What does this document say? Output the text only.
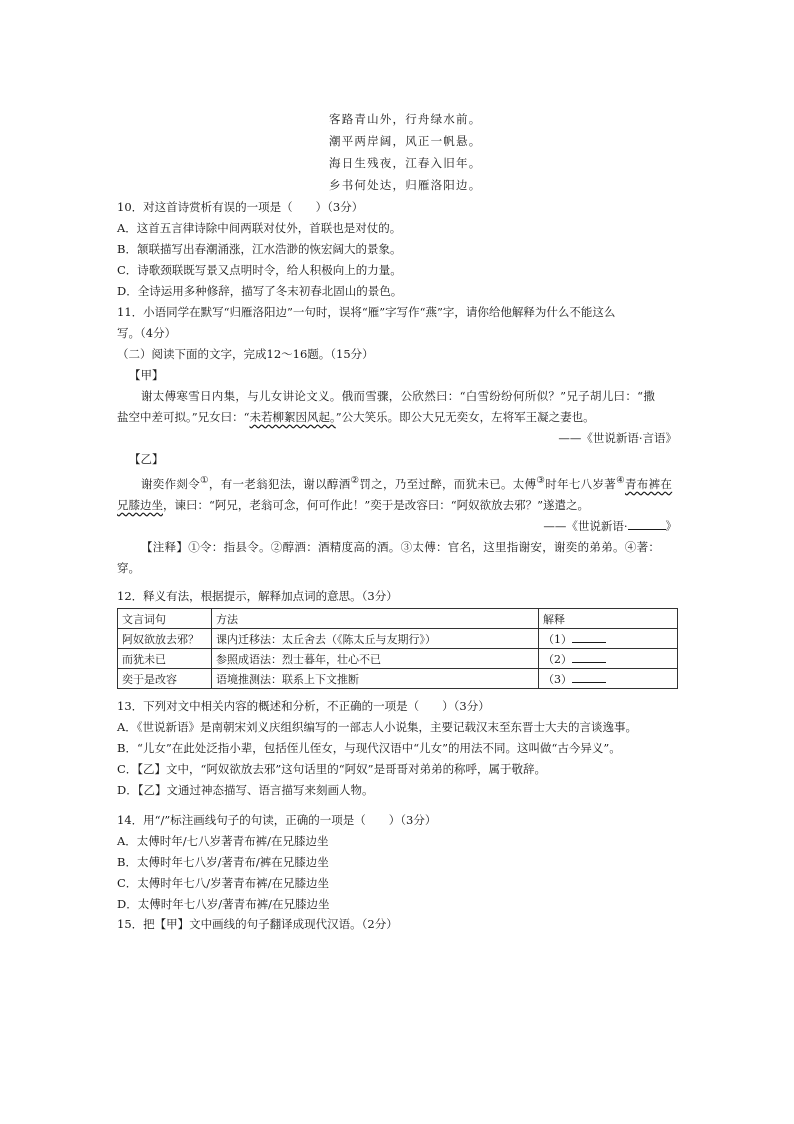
客路青山外，行舟绿水前。
潮平两岸阔，风正一帆悬。
海日生残夜，江春入旧年。
乡书何处达，归雁洛阳边。
10．对这首诗赏析有误的一项是（　　）（3分）
A．这首五言律诗除中间两联对仗外，首联也是对仗的。
B．颔联描写出春潮涌涨，江水浩渺的恢宏阔大的景象。
C．诗歌颈联既写景又点明时令，给人积极向上的力量。
D．全诗运用多种修辞，描写了冬末初春北固山的景色。
11．小语同学在默写“归雁洛阳边”一句时，误将“雁”字写作“燕”字，请你给他解释为什么不能这么
写。（4分）
（二）阅读下面的文字，完成12～16题。（15分）
【甲】
谢太傅寒雪日内集，与儿女讲论文义。俄而雪骤，公欣然曰：“白雪纷纷何所似？”兄子胡儿曰：“撒
盐空中差可拟。”兄女曰：“未若柳絮因风起。”公大笑乐。即公大兄无奕女，左将军王凝之妻也。
——《世说新语·言语》
【乙】
谢奕作剡令①，有一老翁犯法，谢以醇酒②罚之，乃至过醉，而犹未已。太傅③时年七八岁著④青布裤在
兄膝边坐，谏曰：“阿兄，老翁可念，何可作此！”奕于是改容曰：“阿奴欲放去邪？”遂遣之。
——《世说新语·	》
【注释】①令：指县令。②醇酒：酒精度高的酒。③太傅：官名，这里指谢安，谢奕的弟弟。④著：
穿。
12．释义有法，根据提示，解释加点词的意思。（3分）
文言词句	方法	解释
阿奴欲放去邪？	课内迁移法：太丘舍去（《陈太丘与友期行》）	（1）
而犹未已	参照成语法：烈士暮年，壮心不已	（2）
奕于是改容	语境推测法：联系上下文推断	（3）
13．下列对文中相关内容的概述和分析，不正确的一项是（　　）（3分）
A．《世说新语》是南朝宋刘义庆组织编写的一部志人小说集，主要记载汉末至东晋士大夫的言谈逸事。
B．“儿女”在此处泛指小辈，包括侄儿侄女，与现代汉语中“儿女”的用法不同。这叫做“古今异义”。
C．【乙】文中，“阿奴欲放去邪”这句话里的“阿奴”是哥哥对弟弟的称呼，属于敬辞。
D．【乙】文通过神态描写、语言描写来刻画人物。
14．用“/”标注画线句子的句读，正确的一项是（　　）（3分）
A．太傅时年/七八岁著青布裤/在兄膝边坐
B．太傅时年七八岁/著青布/裤在兄膝边坐
C．太傅时年七八/岁著青布裤/在兄膝边坐
D．太傅时年七八岁/著青布裤/在兄膝边坐
15．把【甲】文中画线的句子翻译成现代汉语。（2分）
